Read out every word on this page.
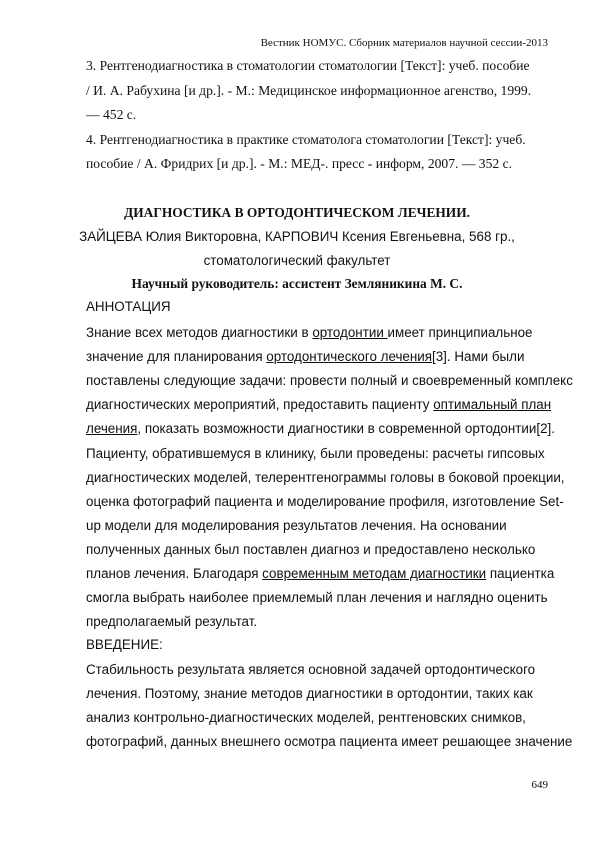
Вестник НОМУС. Сборник материалов научной сессии-2013
3. Рентгенодиагностика в стоматологии стоматологии [Текст]: учеб. пособие
/ И. А. Рабухина [и др.]. - М.: Медицинское информационное агенство, 1999.
— 452 с.
4. Рентгенодиагностика в практике стоматолога стоматологии [Текст]: учеб.
пособие / А. Фридрих [и др.]. - М.: МЕД-. пресс - информ, 2007. — 352 с.
ДИАГНОСТИКА В ОРТОДОНТИЧЕСКОМ ЛЕЧЕНИИ.
ЗАЙЦЕВА Юлия Викторовна, КАРПОВИЧ Ксения Евгеньевна, 568 гр.,
стоматологический факультет
Научный руководитель: ассистент Земляникина М. С.
АННОТАЦИЯ
Знание всех методов диагностики в ортодонтии имеет принципиальное
значение для планирования ортодонтического лечения[3]. Нами были
поставлены следующие задачи: провести полный и своевременный комплекс
диагностических мероприятий, предоставить пациенту оптимальный план
лечения, показать возможности диагностики в современной ортодонтии[2].
Пациенту, обратившемуся в клинику, были проведены: расчеты гипсовых
диагностических моделей, телерентгенограммы головы в боковой проекции,
оценка фотографий пациента и моделирование профиля, изготовление Set-
up модели для моделирования результатов лечения. На основании
полученных данных был поставлен диагноз и предоставлено несколько
планов лечения. Благодаря современным методам диагностики пациентка
смогла выбрать наиболее приемлемый план лечения и наглядно оценить
предполагаемый результат.
ВВЕДЕНИЕ:
Стабильность результата является основной задачей ортодонтического
лечения. Поэтому, знание методов диагностики в ортодонтии, таких как
анализ контрольно-диагностических моделей, рентгеновских снимков,
фотографий, данных внешнего осмотра пациента имеет решающее значение
649
